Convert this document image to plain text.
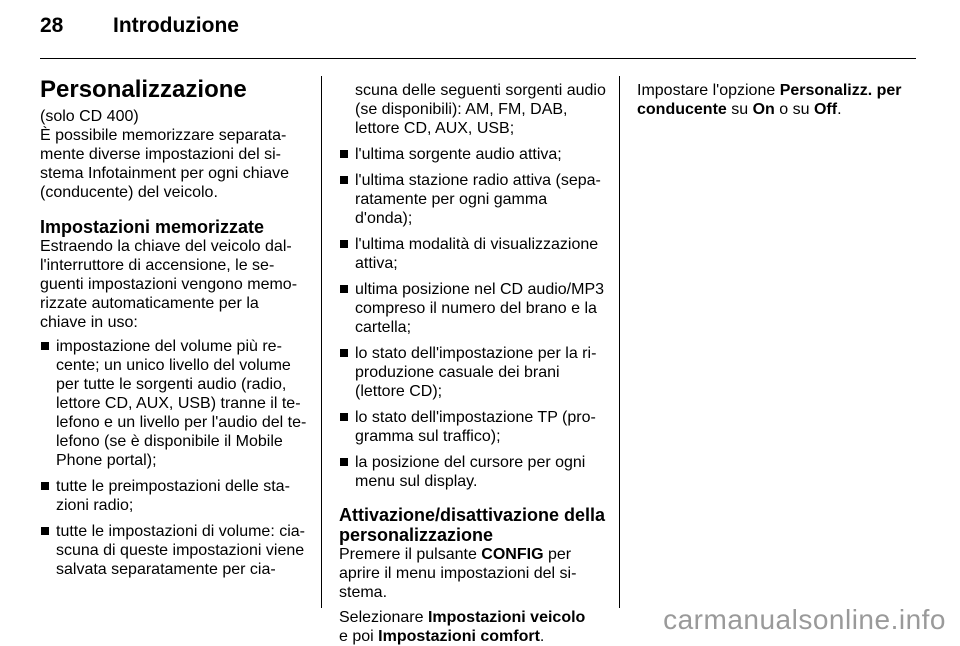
28 Introduzione
Personalizzazione

(solo CD 400)

È possibile memorizzare separata-
mente diverse impostazioni del si-
stema Infotainment per ogni chiave
(conducente) del veicolo.

Impostazioni memorizzate

Estraendo la chiave del veicolo dal-
l'interruttore di accensione, le se-
guenti impostazioni vengono memo-
rizzate automaticamente per la
chiave in uso:

impostazione del volume più re-
cente; un unico livello del volume
per tutte le sorgenti audio (radio,
lettore CD, AUX, USB) tranne il te-
lefono e un livello per l'audio del te-
lefono (se è disponibile il Mobile
Phone portal);
tutte le preimpostazioni delle sta-
zioni radio;
tutte le impostazioni di volume: cia-
scuna di queste impostazioni viene
salvata separatamente per cia-

scuna delle seguenti sorgenti audio
(se disponibili): AM, FM, DAB,
lettore CD, AUX, USB;

l'ultima sorgente audio attiva;
l'ultima stazione radio attiva (sepa-
ratamente per ogni gamma
d'onda);
l'ultima modalità di visualizzazione
attiva;
ultima posizione nel CD audio/MP3
compreso il numero del brano e la
cartella;
lo stato dell'impostazione per la ri-
produzione casuale dei brani
(lettore CD);
lo stato dell'impostazione TP (pro-
gramma sul traffico);
la posizione del cursore per ogni
menu sul display.
Attivazione/disattivazione della
personalizzazione

Premere il pulsante CONFIG per
aprire il menu impostazioni del si-
stema.

Selezionare Impostazioni veicolo
e poi Impostazioni comfort.

Impostare l'opzione Personalizz. per
conducente su On o su Off.

carmanualsonline.info
